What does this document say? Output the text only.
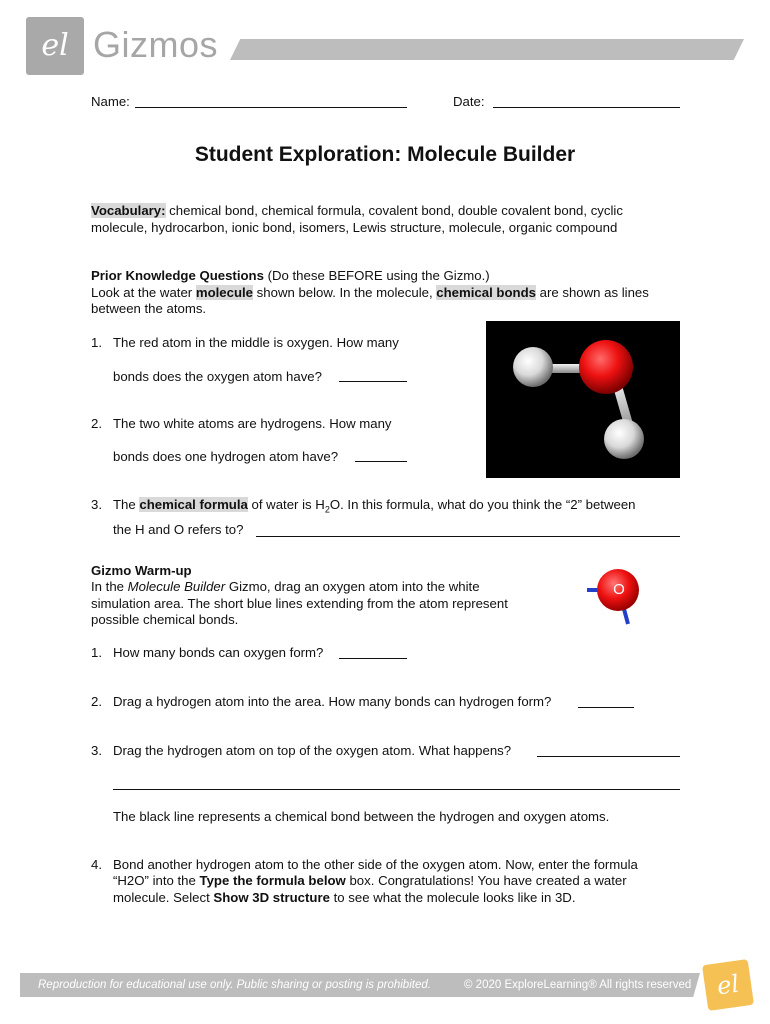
el Gizmos
Name:	Date:
Student Exploration: Molecule Builder
Vocabulary: chemical bond, chemical formula, covalent bond, double covalent bond, cyclic
molecule, hydrocarbon, ionic bond, isomers, Lewis structure, molecule, organic compound
Prior Knowledge Questions (Do these BEFORE using the Gizmo.)
Look at the water molecule shown below. In the molecule, chemical bonds are shown as lines
between the atoms.
1. The red atom in the middle is oxygen. How many
bonds does the oxygen atom have?
2. The two white atoms are hydrogens. How many
bonds does one hydrogen atom have?
3. The chemical formula of water is $H_2O$. In this formula, what do you think the “2” between
the H and O refers to?
Gizmo Warm-up
In the Molecule Builder Gizmo, drag an oxygen atom into the white
simulation area. The short blue lines extending from the atom represent
possible chemical bonds.
O
1. How many bonds can oxygen form?
2. Drag a hydrogen atom into the area. How many bonds can hydrogen form?
3. Drag the hydrogen atom on top of the oxygen atom. What happens?
The black line represents a chemical bond between the hydrogen and oxygen atoms.
4. Bond another hydrogen atom to the other side of the oxygen atom. Now, enter the formula
“H2O” into the Type the formula below box. Congratulations! You have created a water
molecule. Select Show 3D structure to see what the molecule looks like in 3D.
Reproduction for educational use only. Public sharing or posting is prohibited.	© 2020 ExploreLearning® All rights reserved el
